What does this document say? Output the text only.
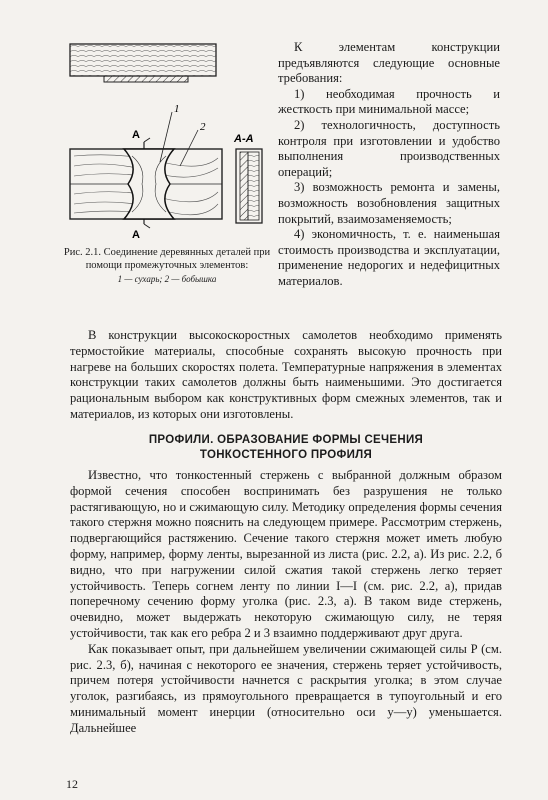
А
А
1
2
А-А
Рис. 2.1. Соединение деревянных деталей при помощи промежуточных элементов:
1 — сухарь; 2 — бобышка

К элементам конструкции предъявляются следующие основные требования:

1) необходимая прочность и жесткость при минимальной массе;

2) технологичность, доступность контроля при изготовлении и удобство выполнения производственных операций;

3) возможность ремонта и замены, возможность возобновления защитных покрытий, взаимозаменяемость;

4) экономичность, т. е. наименьшая стоимость производства и эксплуатации, применение недорогих и недефицитных материалов.

В конструкции высокоскоростных самолетов необходимо применять термостойкие материалы, способные сохранять высокую прочность при нагреве на больших скоростях полета. Температурные напряжения в элементах конструкции таких самолетов должны быть наименьшими. Это достигается рациональным выбором как конструктивных форм смежных элементов, так и материалов, из которых они изготовлены.

ПРОФИЛИ. ОБРАЗОВАНИЕ ФОРМЫ СЕЧЕНИЯ
ТОНКОСТЕННОГО ПРОФИЛЯ

Известно, что тонкостенный стержень с выбранной должным образом формой сечения способен воспринимать без разрушения не только растягивающую, но и сжимающую силу. Методику определения формы сечения такого стержня можно пояснить на следующем примере. Рассмотрим стержень, подвергающийся растяжению. Сечение такого стержня может иметь любую форму, например, форму ленты, вырезанной из листа (рис. 2.2, а). Из рис. 2.2, б видно, что при нагружении силой сжатия такой стержень легко теряет устойчивость. Теперь согнем ленту по линии I—I (см. рис. 2.2, а), придав поперечному сечению форму уголка (рис. 2.3, а). В таком виде стержень, очевидно, может выдержать некоторую сжимающую силу, не теряя устойчивости, так как его ребра 2 и 3 взаимно поддерживают друг друга.

Как показывает опыт, при дальнейшем увеличении сжимающей силы P (см. рис. 2.3, б), начиная с некоторого ее значения, стержень теряет устойчивость, причем потеря устойчивости начнется с раскрытия уголка; в этом случае уголок, разгибаясь, из прямоугольного превращается в тупоугольный и его минимальный момент инерции (относительно оси y—y) уменьшается. Дальнейшее

12
